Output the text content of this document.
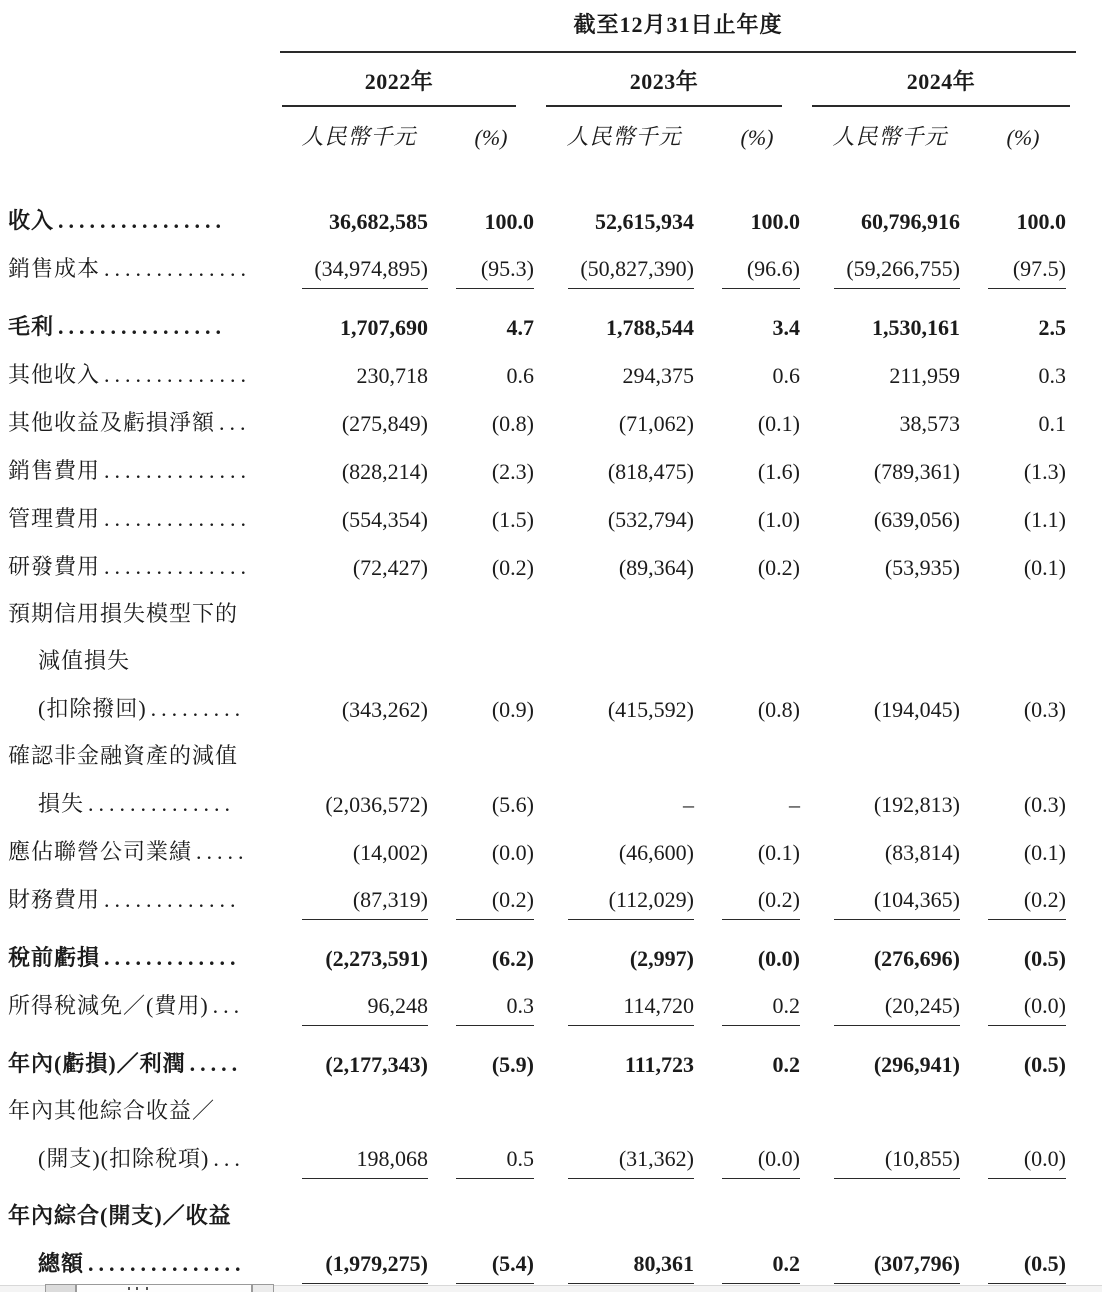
截至12月31日止年度
2022年	2023年	2024年
人民幣千元	(%)	人民幣千元	(%)	人民幣千元	(%)
收入 ................	36,682,585	100.0	52,615,934	100.0	60,796,916	100.0
銷售成本 ..............	(34,974,895)	(95.3)	(50,827,390)	(96.6)	(59,266,755)	(97.5)
毛利 ................	1,707,690	4.7	1,788,544	3.4	1,530,161	2.5
其他收入 ..............	230,718	0.6	294,375	0.6	211,959	0.3
其他收益及虧損淨額 ...	(275,849)	(0.8)	(71,062)	(0.1)	38,573	0.1
銷售費用 ..............	(828,214)	(2.3)	(818,475)	(1.6)	(789,361)	(1.3)
管理費用 ..............	(554,354)	(1.5)	(532,794)	(1.0)	(639,056)	(1.1)
研發費用 ..............	(72,427)	(0.2)	(89,364)	(0.2)	(53,935)	(0.1)
預期信用損失模型下的
減值損失
(扣除撥回) .........	(343,262)	(0.9)	(415,592)	(0.8)	(194,045)	(0.3)
確認非金融資產的減值
損失 ..............	(2,036,572)	(5.6)	–	–	(192,813)	(0.3)
應佔聯營公司業績 .....	(14,002)	(0.0)	(46,600)	(0.1)	(83,814)	(0.1)
財務費用 .............	(87,319)	(0.2)	(112,029)	(0.2)	(104,365)	(0.2)
稅前虧損 .............	(2,273,591)	(6.2)	(2,997)	(0.0)	(276,696)	(0.5)
所得稅減免／(費用) ...	96,248	0.3	114,720	0.2	(20,245)	(0.0)
年內(虧損)／利潤 .....	(2,177,343)	(5.9)	111,723	0.2	(296,941)	(0.5)
年內其他綜合收益／
(開支)(扣除稅項) ...	198,068	0.5	(31,362)	(0.0)	(10,855)	(0.0)
年內綜合(開支)／收益
總額 ...............	(1,979,275)	(5.4)	80,361	0.2	(307,796)	(0.5)
